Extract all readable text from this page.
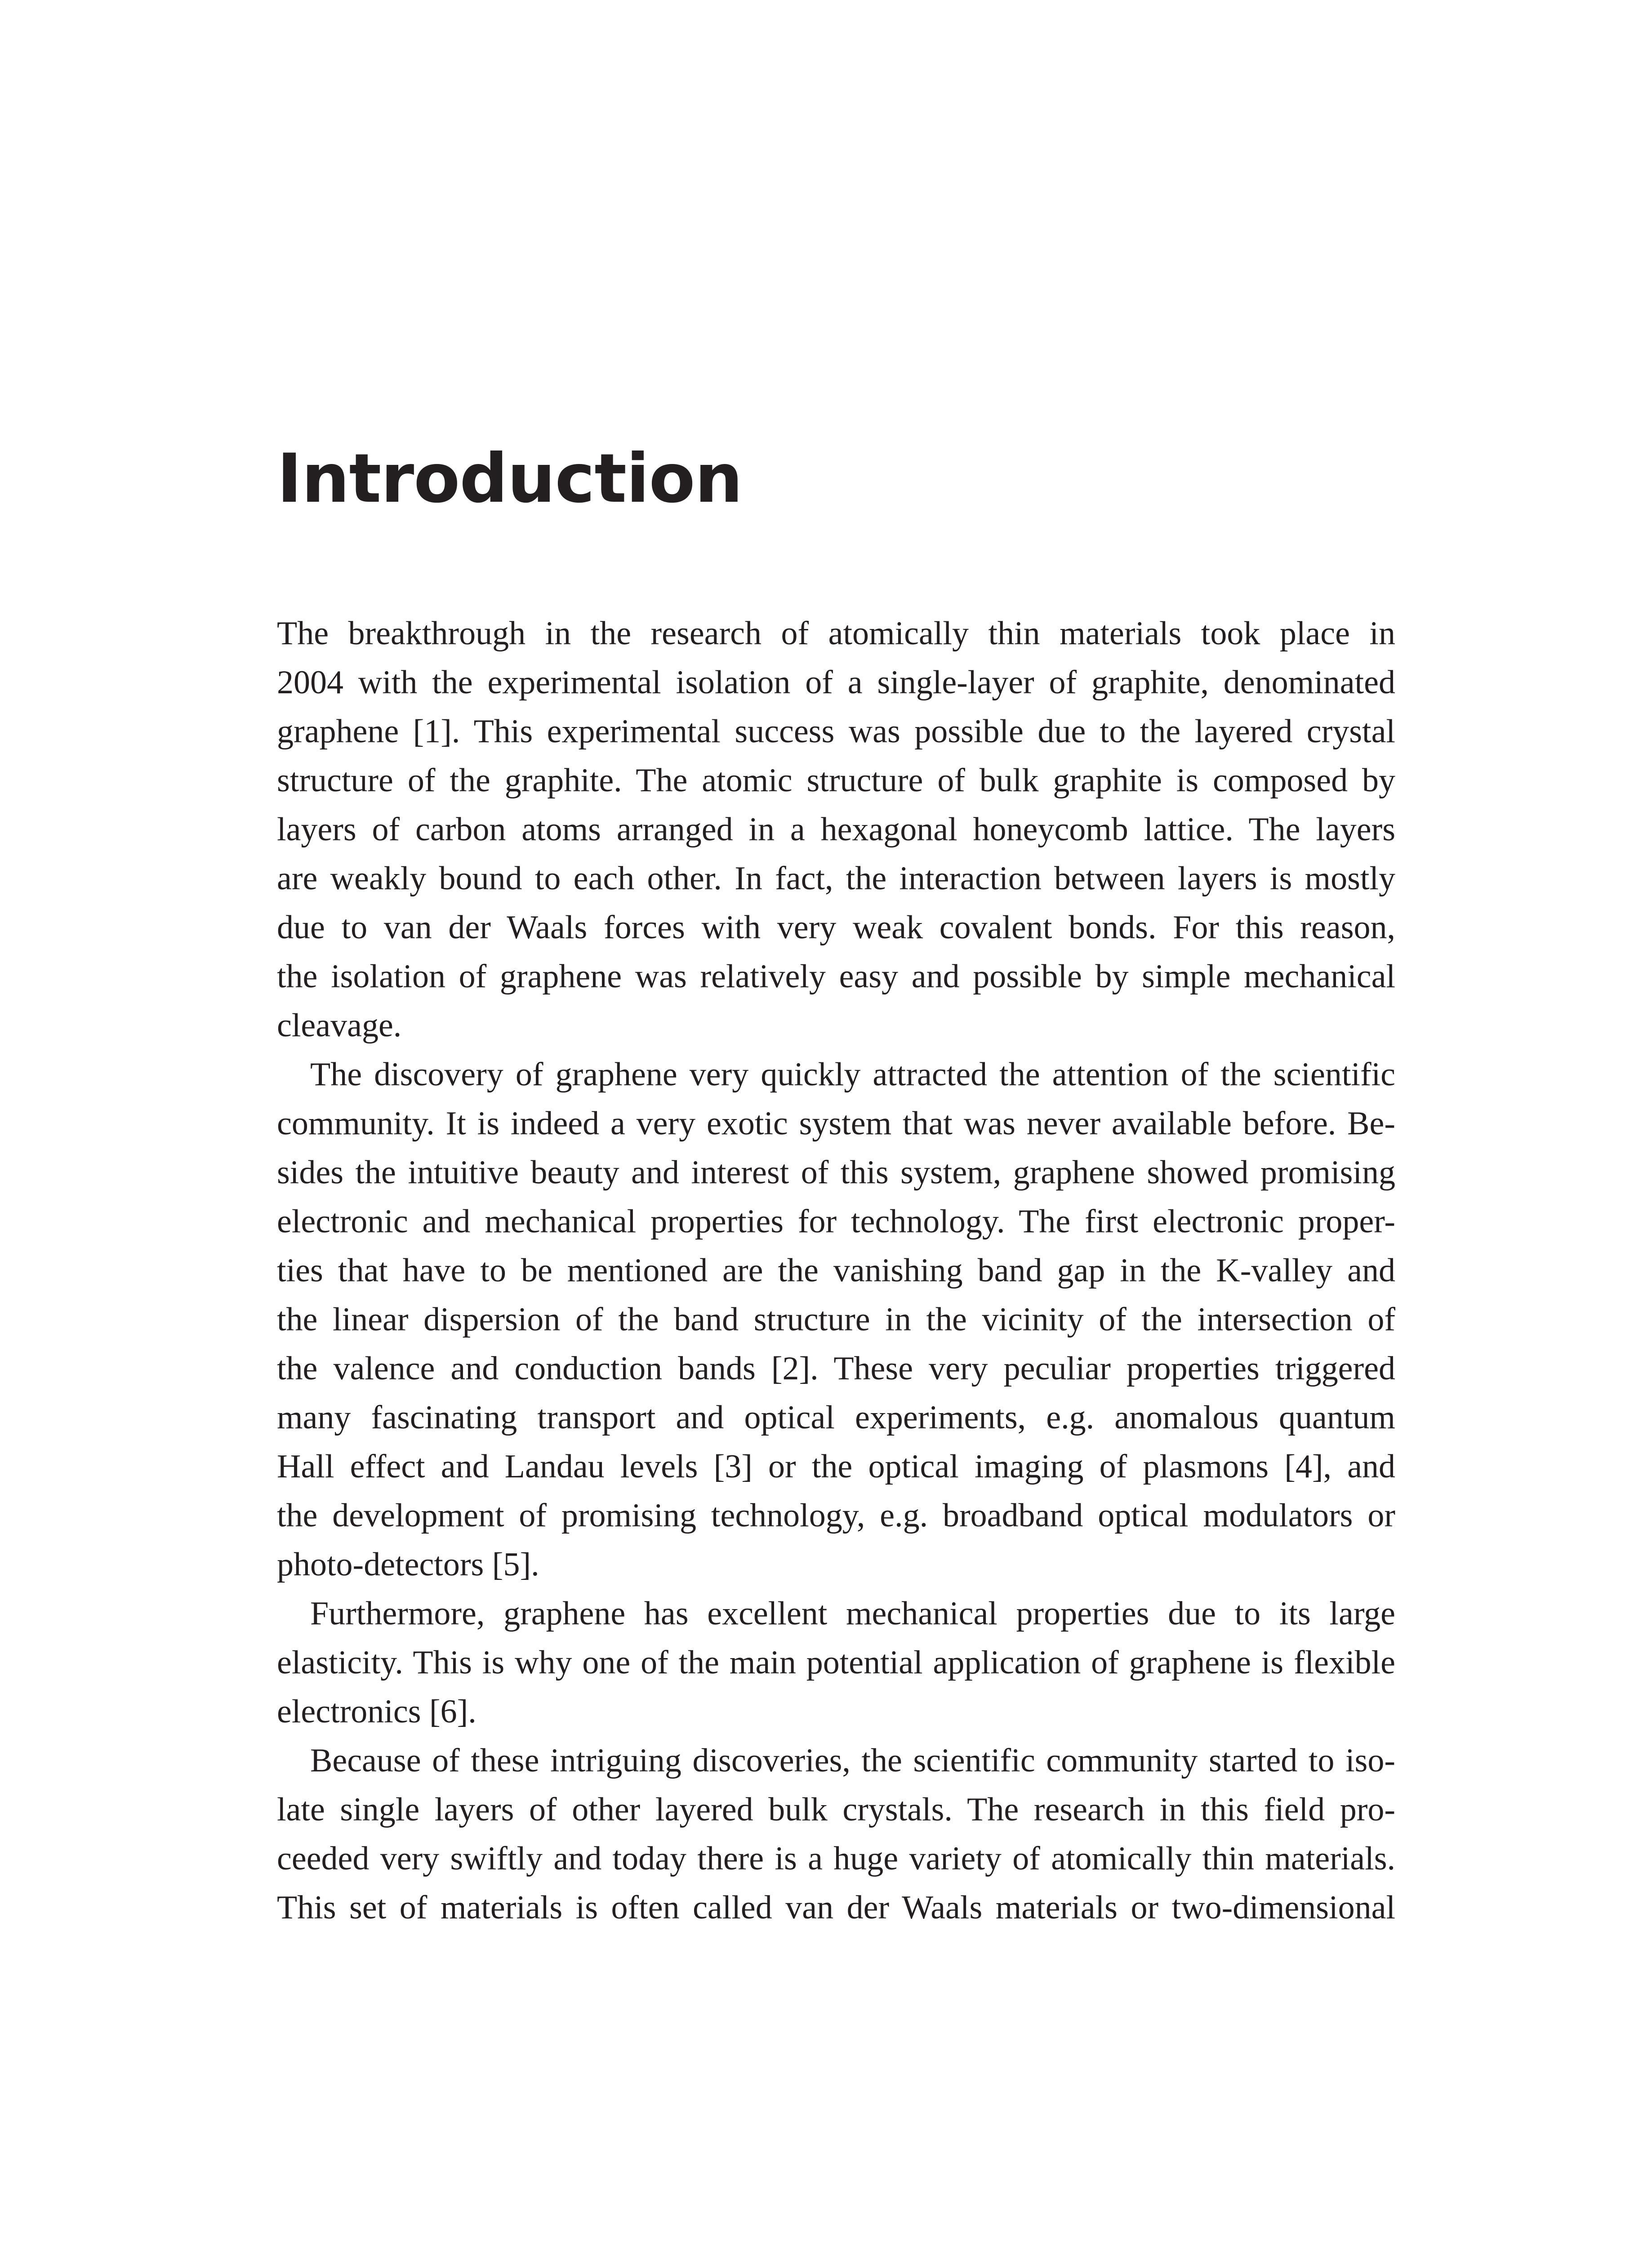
Introduction
The breakthrough in the research of atomically thin materials took place in
2004 with the experimental isolation of a single-layer of graphite, denominated
graphene [1]. This experimental success was possible due to the layered crystal
structure of the graphite. The atomic structure of bulk graphite is composed by
layers of carbon atoms arranged in a hexagonal honeycomb lattice. The layers
are weakly bound to each other. In fact, the interaction between layers is mostly
due to van der Waals forces with very weak covalent bonds. For this reason,
the isolation of graphene was relatively easy and possible by simple mechanical
cleavage.
The discovery of graphene very quickly attracted the attention of the scientific
community. It is indeed a very exotic system that was never available before. Be-
sides the intuitive beauty and interest of this system, graphene showed promising
electronic and mechanical properties for technology. The first electronic proper-
ties that have to be mentioned are the vanishing band gap in the K-valley and
the linear dispersion of the band structure in the vicinity of the intersection of
the valence and conduction bands [2]. These very peculiar properties triggered
many fascinating transport and optical experiments, e.g. anomalous quantum
Hall effect and Landau levels [3] or the optical imaging of plasmons [4], and
the development of promising technology, e.g. broadband optical modulators or
photo-detectors [5].
Furthermore, graphene has excellent mechanical properties due to its large
elasticity. This is why one of the main potential application of graphene is flexible
electronics [6].
Because of these intriguing discoveries, the scientific community started to iso-
late single layers of other layered bulk crystals. The research in this field pro-
ceeded very swiftly and today there is a huge variety of atomically thin materials.
This set of materials is often called van der Waals materials or two-dimensional
